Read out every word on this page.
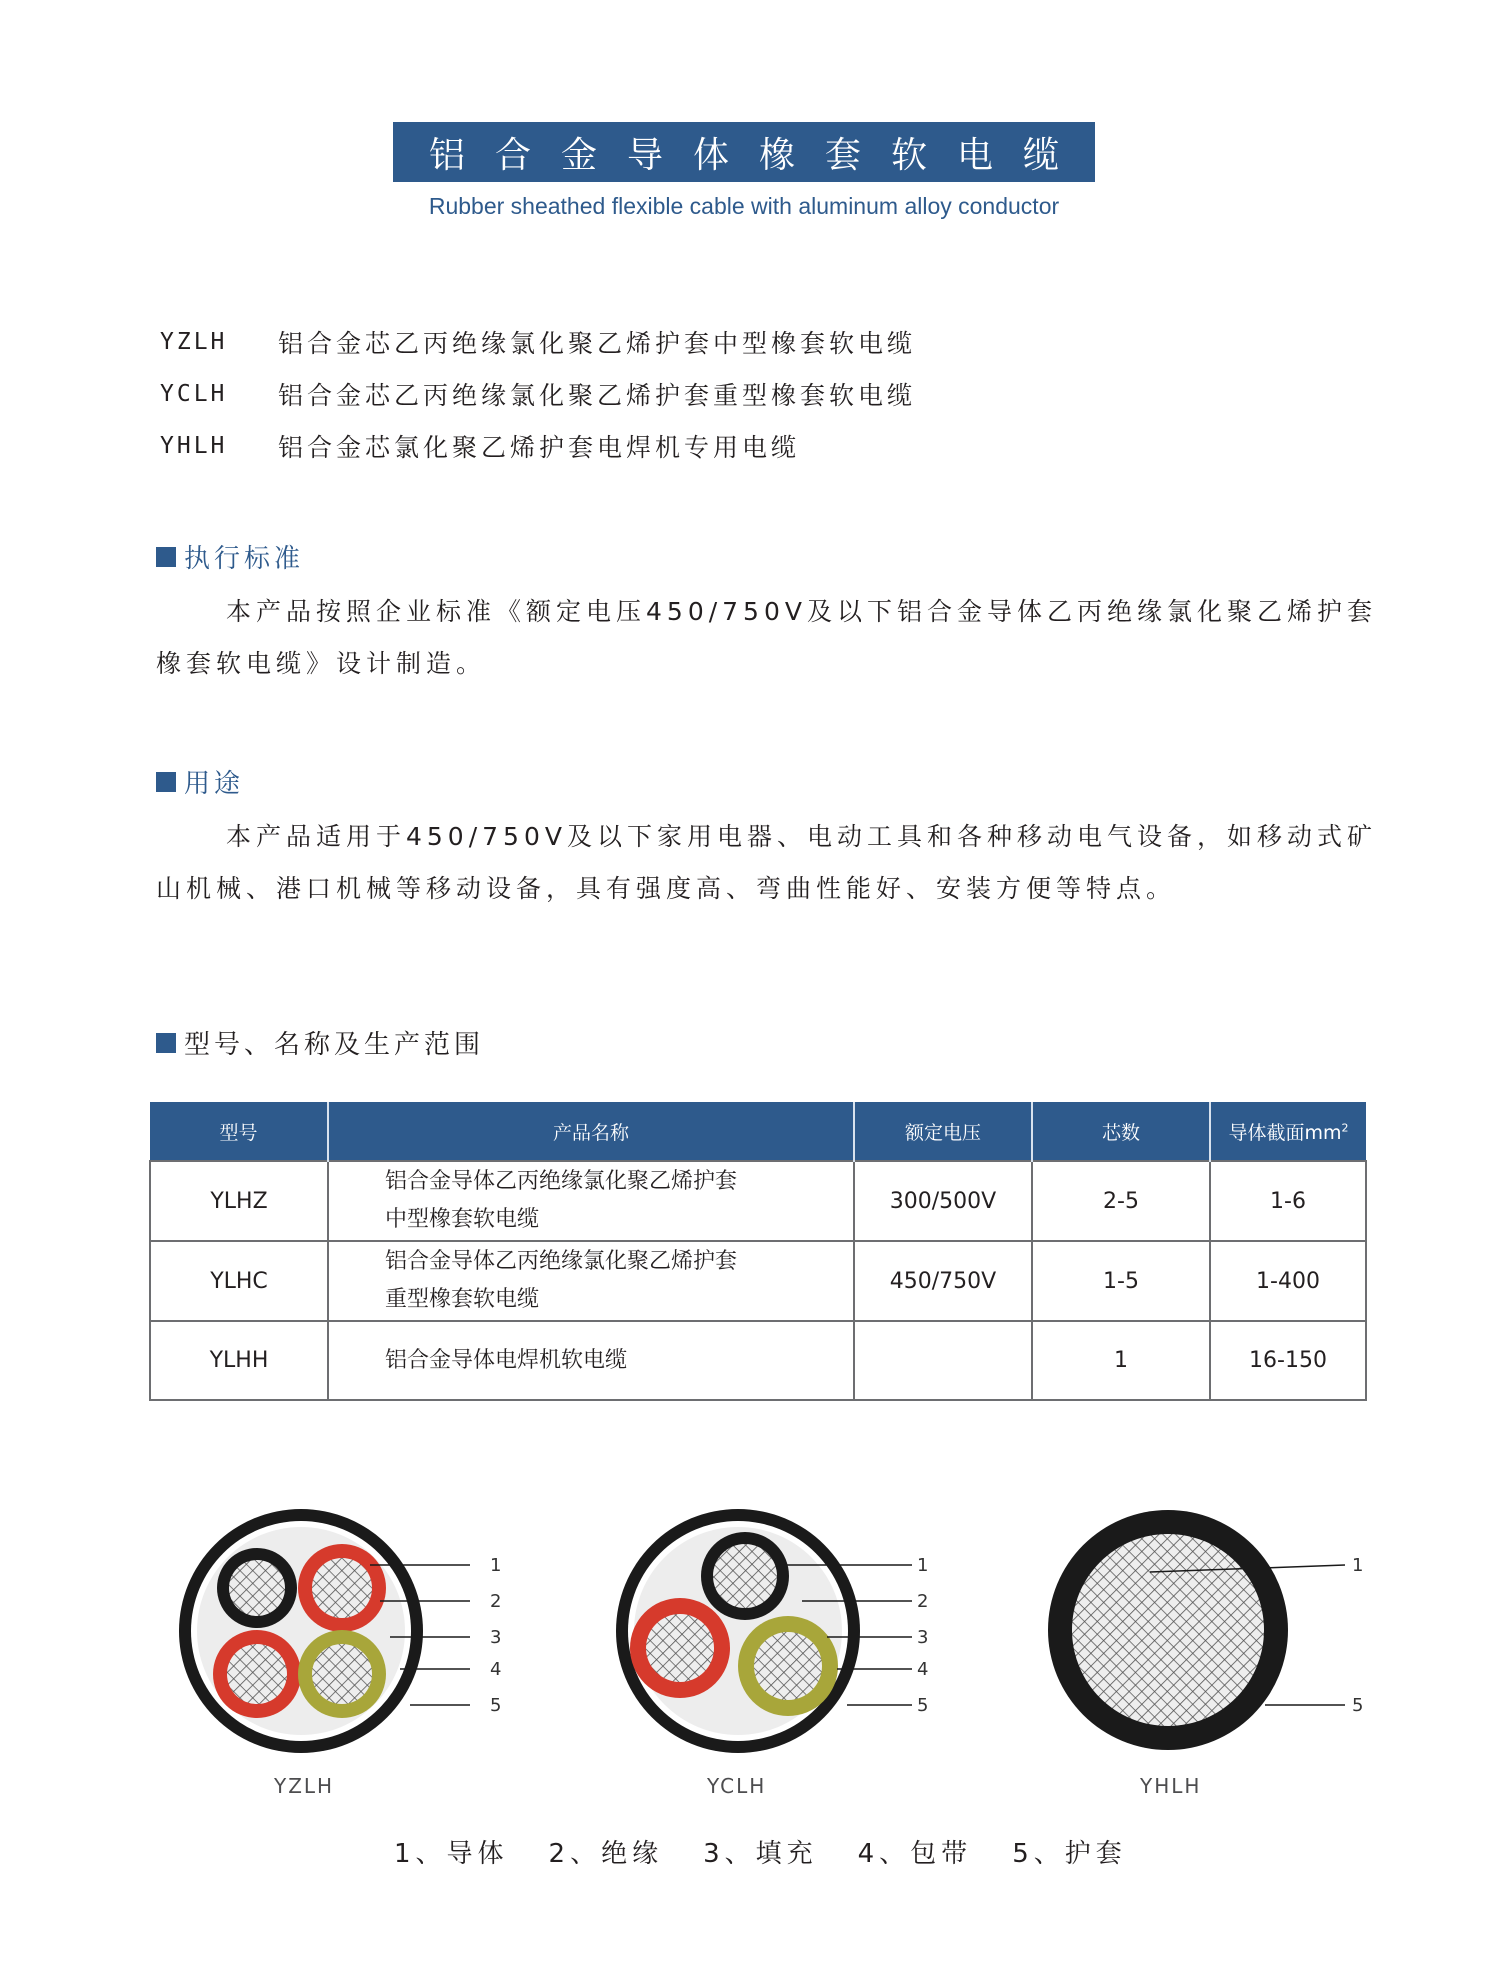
铝合金导体橡套软电缆
Rubber sheathed flexible cable with aluminum alloy conductor
YZLH	铝合金芯乙丙绝缘氯化聚乙烯护套中型橡套软电缆
YCLH	铝合金芯乙丙绝缘氯化聚乙烯护套重型橡套软电缆
YHLH	铝合金芯氯化聚乙烯护套电焊机专用电缆
执行标准
本产品按照企业标准《额定电压450/750V及以下铝合金导体乙丙绝缘氯化聚乙烯护套橡套软电缆》设计制造。
用途
本产品适用于450/750V及以下家用电器、电动工具和各种移动电气设备，如移动式矿山机械、港口机械等移动设备，具有强度高、弯曲性能好、安装方便等特点。
型号、名称及生产范围
型号	产品名称	额定电压	芯数	导体截面$mm^2$
YLHZ	铝合金导体乙丙绝缘氯化聚乙烯护套
中型橡套软电缆	300/500V	2-5	1-6
YLHC	铝合金导体乙丙绝缘氯化聚乙烯护套
重型橡套软电缆	450/750V	1-5	1-400
YLHH	铝合金导体电焊机软电缆		1	16-150
1
2
3
4
5
YZLH
1
2
3
4
5
YCLH
1
5
YHLH
1、导体 2、绝缘 3、填充 4、包带 5、护套
